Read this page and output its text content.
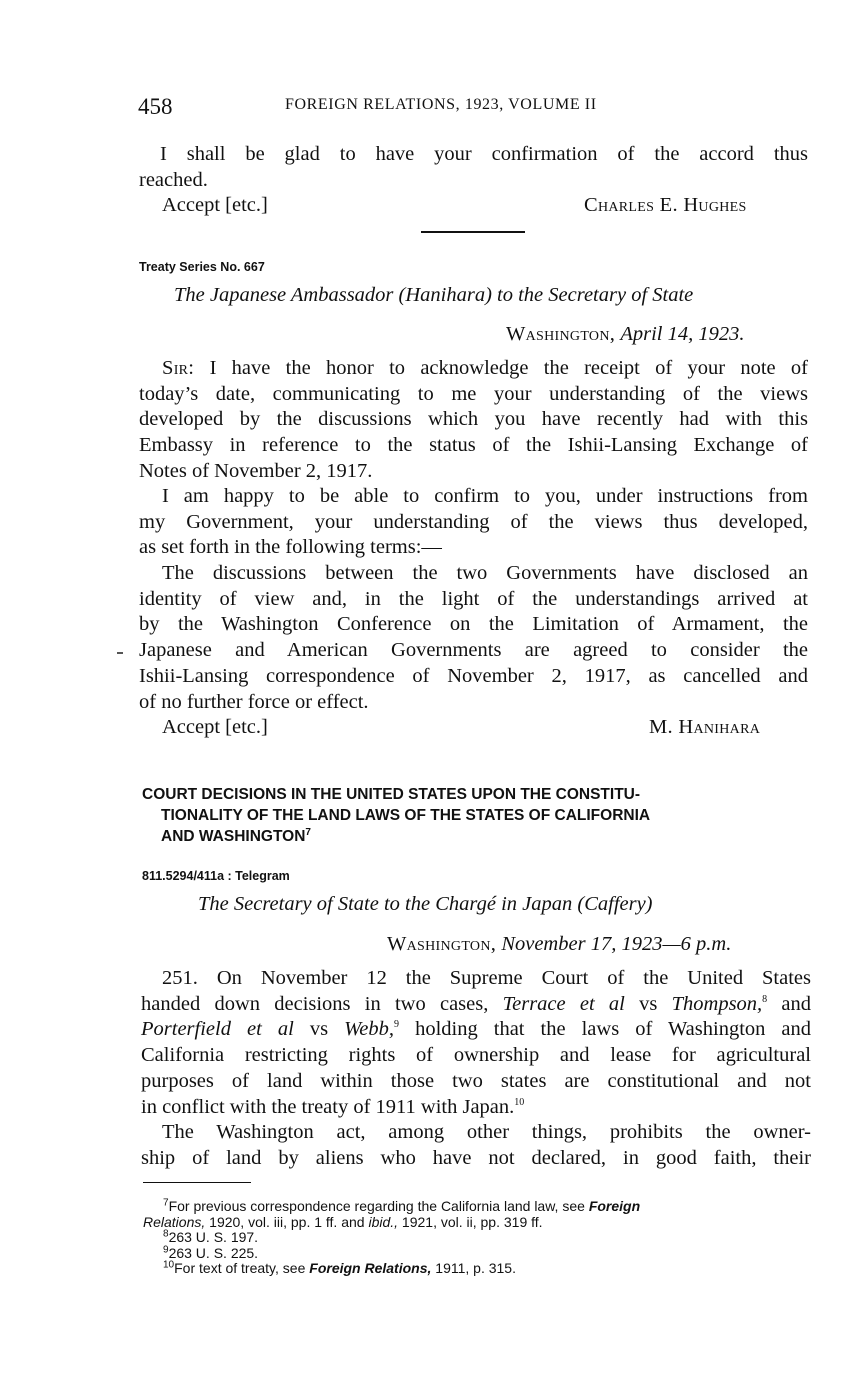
458	FOREIGN RELATIONS, 1923, VOLUME II
I shall be glad to have your confirmation of the accord thus
reached.
Accept [etc.]	Charles E. Hughes
Treaty Series No. 667
The Japanese Ambassador (Hanihara) to the Secretary of State
Washington, April 14, 1923.
Sir: I have the honor to acknowledge the receipt of your note of
today’s date, communicating to me your understanding of the views
developed by the discussions which you have recently had with this
Embassy in reference to the status of the Ishii-Lansing Exchange of
Notes of November 2, 1917.
I am happy to be able to confirm to you, under instructions from
my Government, your understanding of the views thus developed,
as set forth in the following terms:—
The discussions between the two Governments have disclosed an
identity of view and, in the light of the understandings arrived at
by the Washington Conference on the Limitation of Armament, the
Japanese and American Governments are agreed to consider the
Ishii-Lansing correspondence of November 2, 1917, as cancelled and
of no further force or effect.
Accept [etc.]	M. Hanihara
COURT DECISIONS IN THE UNITED STATES UPON THE CONSTITU-
TIONALITY OF THE LAND LAWS OF THE STATES OF CALIFORNIA
AND WASHINGTON$^7$
811.5294/411a : Telegram
The Secretary of State to the Chargé in Japan (Caffery)
Washington, November 17, 1923—6 p.m.
251. On November 12 the Supreme Court of the United States
handed down decisions in two cases, Terrace et al vs Thompson,$^8$ and
Porterfield et al vs Webb,$^9$ holding that the laws of Washington and
California restricting rights of ownership and lease for agricultural
purposes of land within those two states are constitutional and not
in conflict with the treaty of 1911 with Japan.$^{10}$
The Washington act, among other things, prohibits the owner-
ship of land by aliens who have not declared, in good faith, their
$^7$For previous correspondence regarding the California land law, see Foreign
Relations, 1920, vol. iii, pp. 1 ff. and ibid., 1921, vol. ii, pp. 319 ff.
$^8$263 U. S. 197.
$^9$263 U. S. 225.
$^{10}$For text of treaty, see Foreign Relations, 1911, p. 315.
